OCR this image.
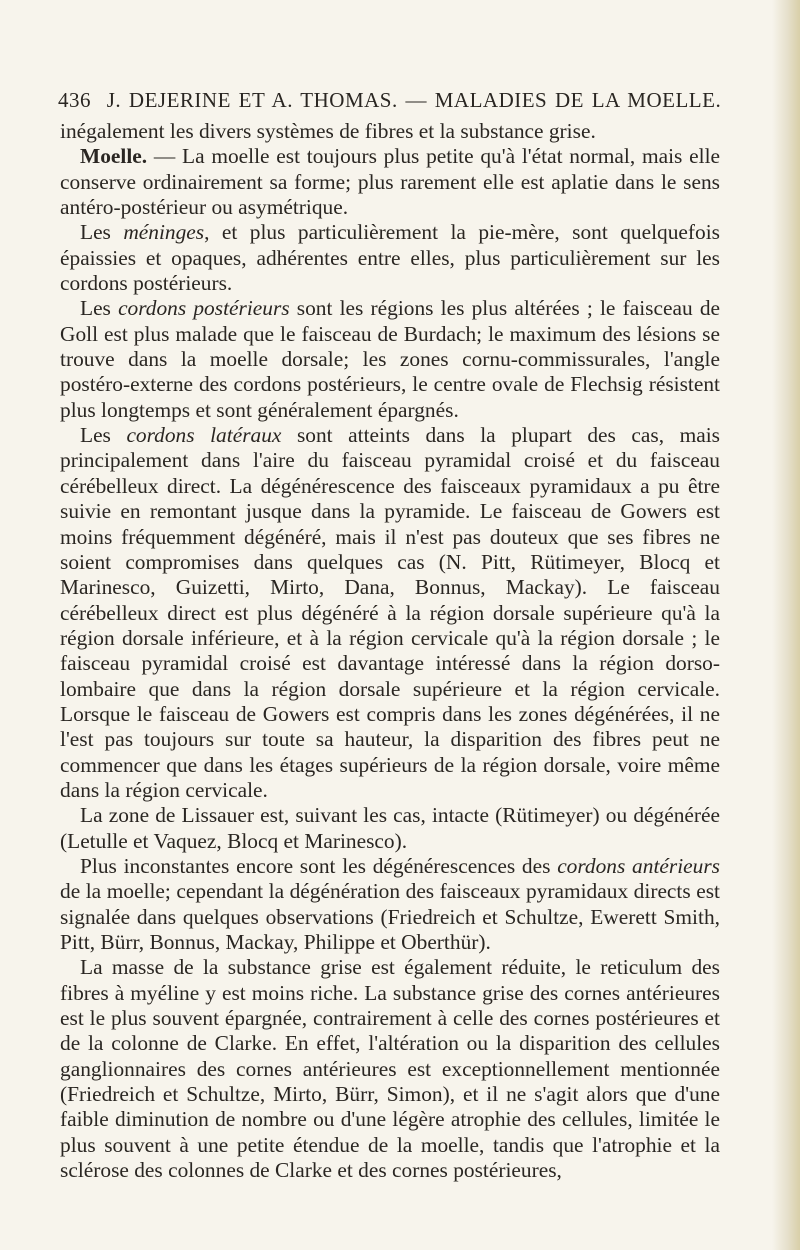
436 J. DEJERINE ET A. THOMAS. — MALADIES DE LA MOELLE.

inégalement les divers systèmes de fibres et la substance grise.

Moelle. — La moelle est toujours plus petite qu'à l'état normal, mais elle conserve ordinairement sa forme; plus rarement elle est aplatie dans le sens antéro-postérieur ou asymétrique.

Les méninges, et plus particulièrement la pie-mère, sont quelquefois épaissies et opaques, adhérentes entre elles, plus particulièrement sur les cordons postérieurs.

Les cordons postérieurs sont les régions les plus altérées ; le faisceau de Goll est plus malade que le faisceau de Burdach; le maximum des lésions se trouve dans la moelle dorsale; les zones cornu-commissurales, l'angle postéro-externe des cordons postérieurs, le centre ovale de Flechsig résistent plus longtemps et sont généralement épargnés.

Les cordons latéraux sont atteints dans la plupart des cas, mais principalement dans l'aire du faisceau pyramidal croisé et du faisceau cérébelleux direct. La dégénérescence des faisceaux pyramidaux a pu être suivie en remontant jusque dans la pyramide. Le faisceau de Gowers est moins fréquemment dégénéré, mais il n'est pas douteux que ses fibres ne soient compromises dans quelques cas (N. Pitt, Rütimeyer, Blocq et Marinesco, Guizetti, Mirto, Dana, Bonnus, Mackay). Le faisceau cérébelleux direct est plus dégénéré à la région dorsale supérieure qu'à la région dorsale inférieure, et à la région cervicale qu'à la région dorsale ; le faisceau pyramidal croisé est davantage intéressé dans la région dorso-lombaire que dans la région dorsale supérieure et la région cervicale. Lorsque le faisceau de Gowers est compris dans les zones dégénérées, il ne l'est pas toujours sur toute sa hauteur, la disparition des fibres peut ne commencer que dans les étages supérieurs de la région dorsale, voire même dans la région cervicale.

La zone de Lissauer est, suivant les cas, intacte (Rütimeyer) ou dégénérée (Letulle et Vaquez, Blocq et Marinesco).

Plus inconstantes encore sont les dégénérescences des cordons antérieurs de la moelle; cependant la dégénération des faisceaux pyramidaux directs est signalée dans quelques observations (Friedreich et Schultze, Ewerett Smith, Pitt, Bürr, Bonnus, Mackay, Philippe et Oberthür).

La masse de la substance grise est également réduite, le reticulum des fibres à myéline y est moins riche. La substance grise des cornes antérieures est le plus souvent épargnée, contrairement à celle des cornes postérieures et de la colonne de Clarke. En effet, l'altération ou la disparition des cellules ganglionnaires des cornes antérieures est exceptionnellement mentionnée (Friedreich et Schultze, Mirto, Bürr, Simon), et il ne s'agit alors que d'une faible diminution de nombre ou d'une légère atrophie des cellules, limitée le plus souvent à une petite étendue de la moelle, tandis que l'atrophie et la sclérose des colonnes de Clarke et des cornes postérieures,
